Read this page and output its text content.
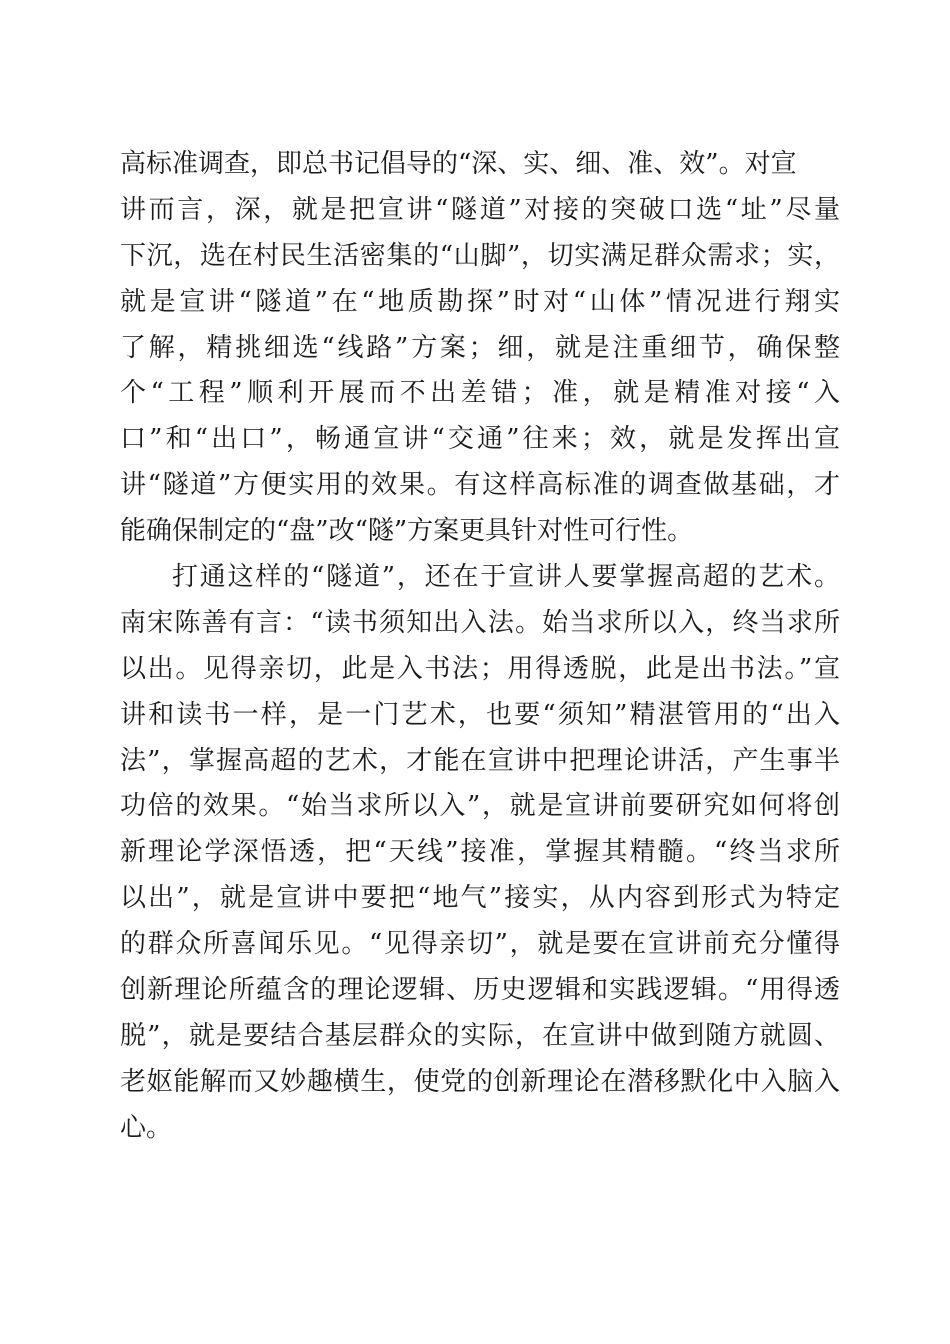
高标准调查，即总书记倡导的“深、实、细、准、效”。对宣
讲而言，深，就是把宣讲“隧道”对接的突破口选“址”尽量
下沉，选在村民生活密集的“山脚”，切实满足群众需求；实，
就是宣讲“隧道”在“地质勘探”时对“山体”情况进行翔实
了解，精挑细选“线路”方案；细，就是注重细节，确保整
个“工程”顺利开展而不出差错；准，就是精准对接“入
口”和“出口”，畅通宣讲“交通”往来；效，就是发挥出宣
讲“隧道”方便实用的效果。有这样高标准的调查做基础，才
能确保制定的“盘”改“隧”方案更具针对性可行性。
打通这样的“隧道”，还在于宣讲人要掌握高超的艺术。
南宋陈善有言：“读书须知出入法。始当求所以入，终当求所
以出。见得亲切，此是入书法；用得透脱，此是出书法。”宣
讲和读书一样，是一门艺术，也要“须知”精湛管用的“出入
法”，掌握高超的艺术，才能在宣讲中把理论讲活，产生事半
功倍的效果。“始当求所以入”，就是宣讲前要研究如何将创
新理论学深悟透，把“天线”接准，掌握其精髓。“终当求所
以出”，就是宣讲中要把“地气”接实，从内容到形式为特定
的群众所喜闻乐见。“见得亲切”，就是要在宣讲前充分懂得
创新理论所蕴含的理论逻辑、历史逻辑和实践逻辑。“用得透
脱”，就是要结合基层群众的实际，在宣讲中做到随方就圆、
老妪能解而又妙趣横生，使党的创新理论在潜移默化中入脑入
心。
